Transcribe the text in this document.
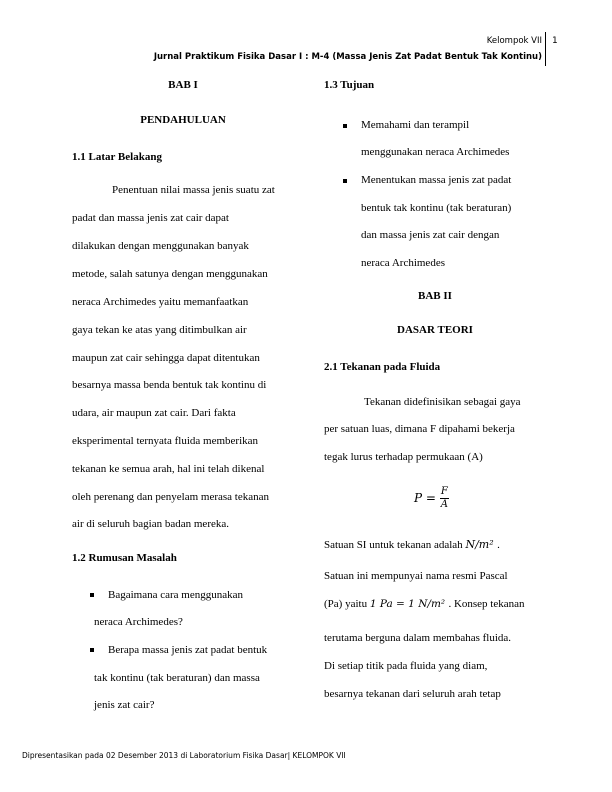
Kelompok VII 1
Jurnal Praktikum Fisika Dasar I : M-4 (Massa Jenis Zat Padat Bentuk Tak Kontinu)
BAB I
PENDAHULUAN
1.1 Latar Belakang
Penentuan nilai massa jenis suatu zat
padat dan massa jenis zat cair dapat
dilakukan dengan menggunakan banyak
metode, salah satunya dengan menggunakan
neraca Archimedes yaitu memanfaatkan
gaya tekan ke atas yang ditimbulkan air
maupun zat cair sehingga dapat ditentukan
besarnya massa benda bentuk tak kontinu di
udara, air maupun zat cair. Dari fakta
eksperimental ternyata fluida memberikan
tekanan ke semua arah, hal ini telah dikenal
oleh perenang dan penyelam merasa tekanan
air di seluruh bagian badan mereka.
1.2 Rumusan Masalah
Bagaimana cara menggunakan
neraca Archimedes?
Berapa massa jenis zat padat bentuk
tak kontinu (tak beraturan) dan massa
jenis zat cair?
1.3 Tujuan
Memahami dan terampil
menggunakan neraca Archimedes
Menentukan massa jenis zat padat
bentuk tak kontinu (tak beraturan)
dan massa jenis zat cair dengan
neraca Archimedes
BAB II
DASAR TEORI
2.1 Tekanan pada Fluida
Tekanan didefinisikan sebagai gaya
per satuan luas, dimana F dipahami bekerja
tegak lurus terhadap permukaan (A)
$P = \frac{F}{A}$
Satuan SI untuk tekanan adalah N/m² .
Satuan ini mempunyai nama resmi Pascal
(Pa) yaitu 1 Pa = 1 N/m² . Konsep tekanan
terutama berguna dalam membahas fluida.
Di setiap titik pada fluida yang diam,
besarnya tekanan dari seluruh arah tetap
Dipresentasikan pada 02 Desember 2013 di Laboratorium Fisika Dasar| KELOMPOK VII
